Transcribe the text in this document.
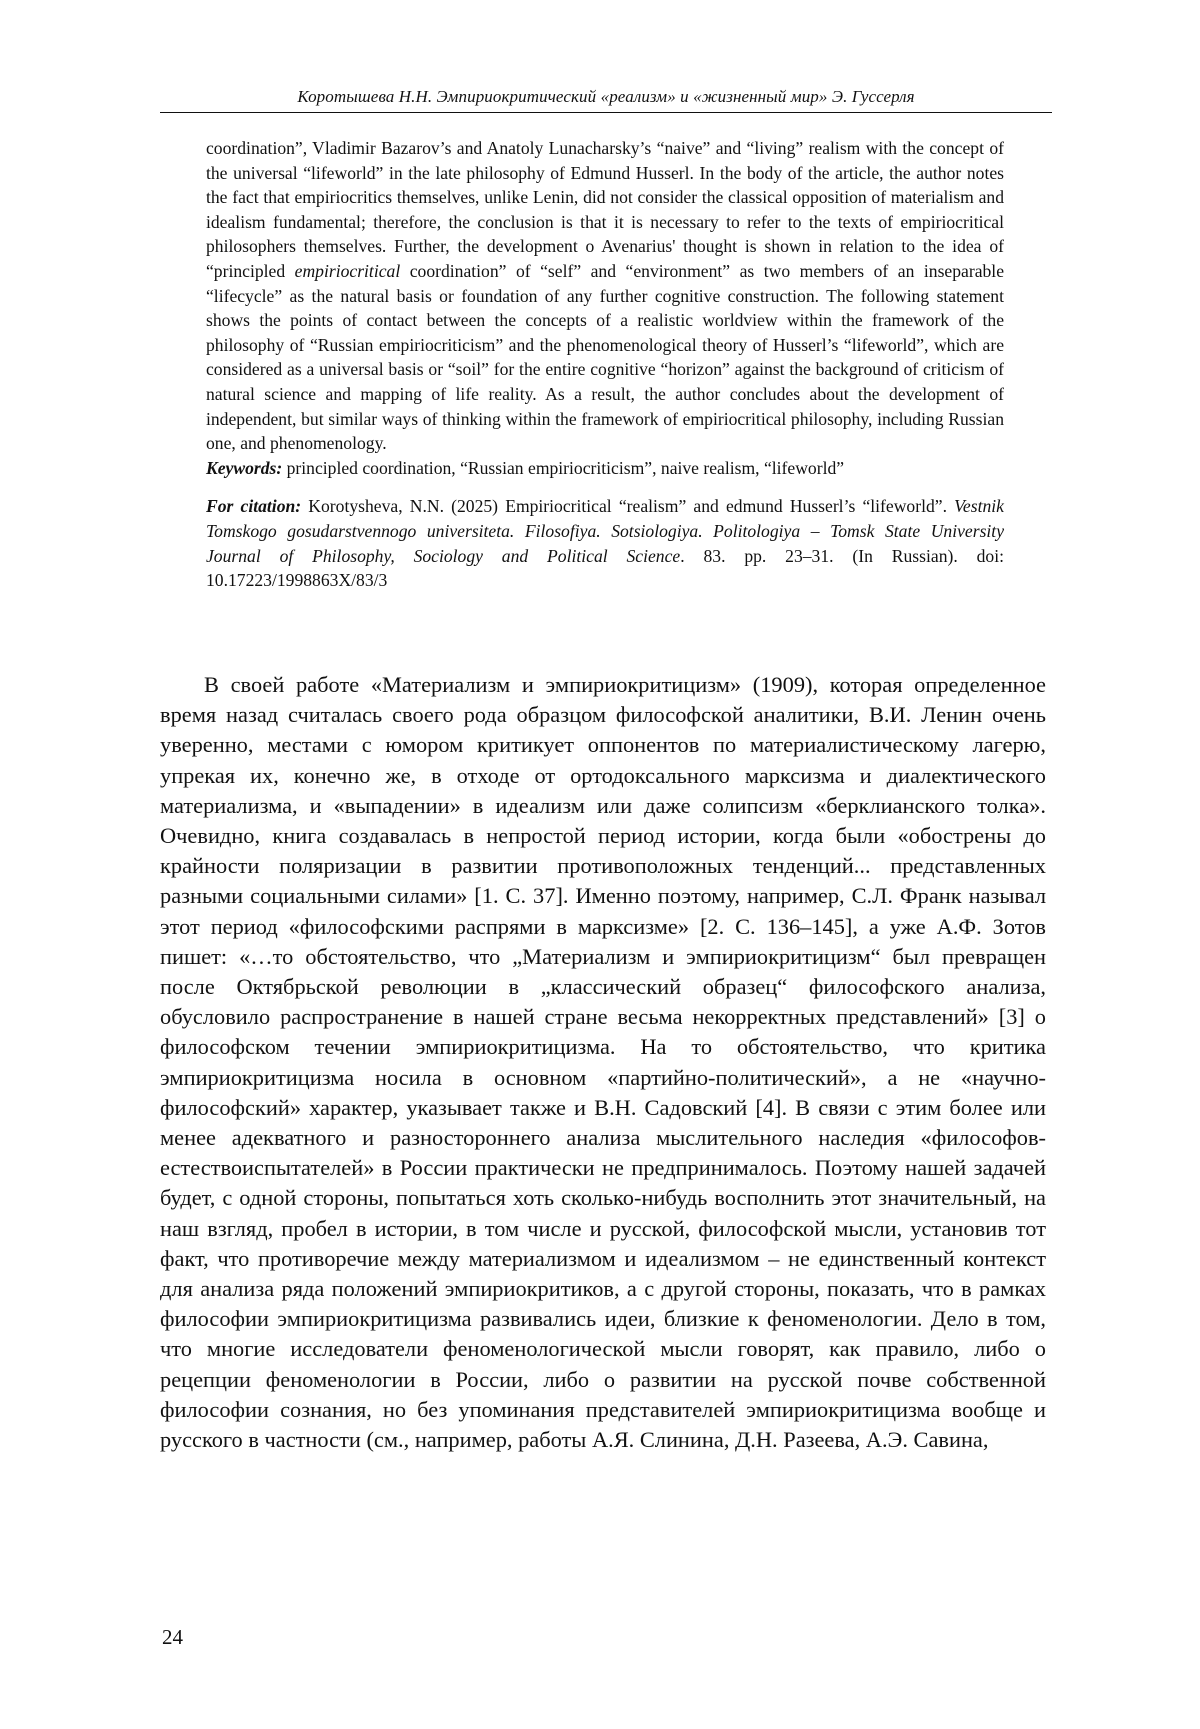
Коротышева Н.Н. Эмпириокритический «реализм» и «жизненный мир» Э. Гуссерля

coordination”, Vladimir Bazarov’s and Anatoly Lunacharsky’s “naive” and “living” realism with the concept of the universal “lifeworld” in the late philosophy of Edmund Husserl. In the body of the article, the author notes the fact that empiriocritics themselves, unlike Lenin, did not consider the classical opposition of materialism and idealism fundamental; therefore, the conclusion is that it is necessary to refer to the texts of empiriocritical philosophers themselves. Further, the development o Avenarius' thought is shown in relation to the idea of “principled empiriocritical coordination” of “self” and “environment” as two members of an inseparable “lifecycle” as the natural basis or foundation of any further cognitive construction. The following statement shows the points of contact between the concepts of a realistic worldview within the framework of the philosophy of “Russian empiriocriticism” and the phenomenological theory of Husserl’s “lifeworld”, which are considered as a universal basis or “soil” for the entire cognitive “horizon” against the background of criticism of natural science and mapping of life reality. As a result, the author concludes about the development of independent, but similar ways of thinking within the framework of empiriocritical philosophy, including Russian one, and phenomenology.

Keywords: principled coordination, “Russian empiriocriticism”, naive realism, “lifeworld”

For citation: Korotysheva, N.N. (2025) Empiriocritical “realism” and edmund Husserl’s “lifeworld”. Vestnik Tomskogo gosudarstvennogo universiteta. Filosofiya. Sotsiologiya. Politologiya – Tomsk State University Journal of Philosophy, Sociology and Political Science. 83. pp. 23–31. (In Russian). doi: 10.17223/1998863X/83/3

В своей работе «Материализм и эмпириокритицизм» (1909), которая определенное время назад считалась своего рода образцом философской аналитики, В.И. Ленин очень уверенно, местами с юмором критикует оппонентов по материалистическому лагерю, упрекая их, конечно же, в отходе от ортодоксального марксизма и диалектического материализма, и «выпадении» в идеализм или даже солипсизм «берклианского толка». Очевидно, книга создавалась в непростой период истории, когда были «обострены до крайности поляризации в развитии противоположных тенденций... представленных разными социальными силами» [1. С. 37]. Именно поэтому, например, С.Л. Франк называл этот период «философскими распрями в марксизме» [2. С. 136–145], а уже А.Ф. Зотов пишет: «…то обстоятельство, что „Материализм и эмпириокритицизм“ был превращен после Октябрьской революции в „классический образец“ философского анализа, обусловило распространение в нашей стране весьма некорректных представлений» [3] о философском течении эмпириокритицизма. На то обстоятельство, что критика эмпириокритицизма носила в основном «партийно-политический», а не «научно-философский» характер, указывает также и В.Н. Садовский [4]. В связи с этим более или менее адекватного и разностороннего анализа мыслительного наследия «философов-естествоиспытателей» в России практически не предпринималось. Поэтому нашей задачей будет, с одной стороны, попытаться хоть сколько-нибудь восполнить этот значительный, на наш взгляд, пробел в истории, в том числе и русской, философской мысли, установив тот факт, что противоречие между материализмом и идеализмом – не единственный контекст для анализа ряда положений эмпириокритиков, а с другой стороны, показать, что в рамках философии эмпириокритицизма развивались идеи, близкие к феноменологии. Дело в том, что многие исследователи феноменологической мысли говорят, как правило, либо о рецепции феноменологии в России, либо о развитии на русской почве собственной философии сознания, но без упоминания представителей эмпириокритицизма вообще и русского в частности (см., например, работы А.Я. Слинина, Д.Н. Разеева, А.Э. Савина,

24
